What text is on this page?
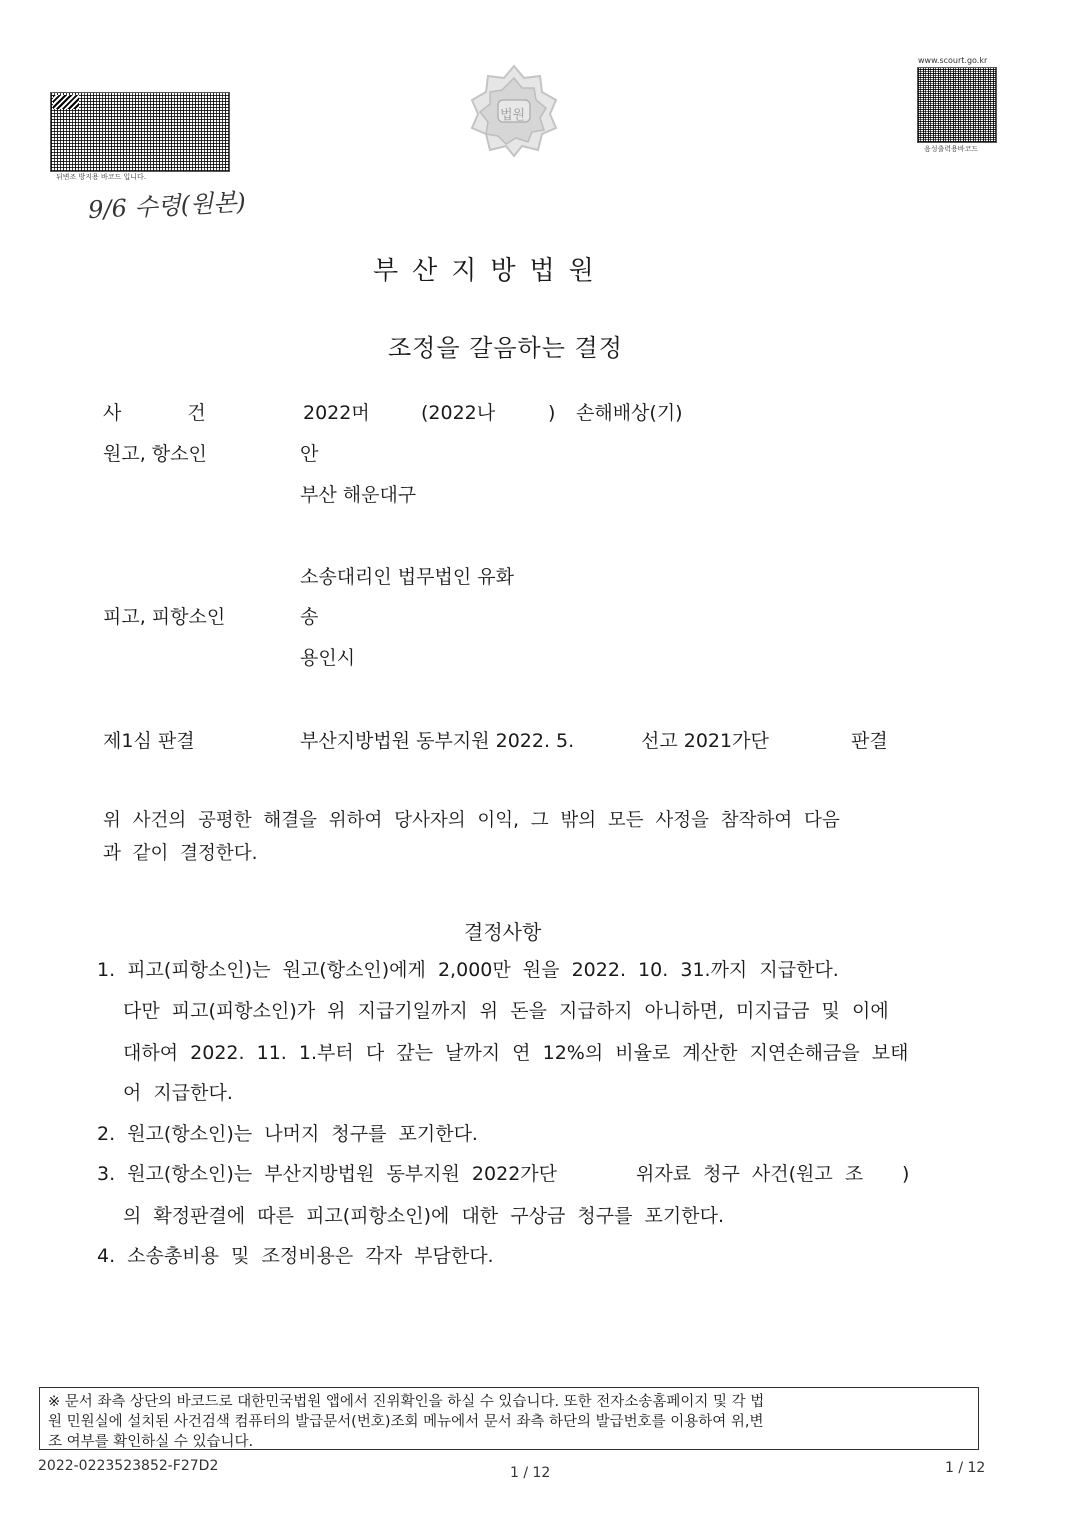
뒤변조 방지용 바코드 입니다.
9/6 수령(원본)
법원
www.scourt.go.kr
음성출력용바코드
부산지방법원
조정을 갈음하는 결정
사 건	2022머	(2022나	) 손해배상(기)
원고, 항소인	안
부산 해운대구
소송대리인 법무법인 유화
피고, 피항소인	송
용인시
제1심 판결	부산지방법원 동부지원 2022. 5.	선고 2021가단	판결
위  사건의  공평한  해결을  위하여  당사자의  이익,  그  밖의  모든  사정을  참작하여  다음
과  같이  결정한다.
결정사항
1.  피고(피항소인)는  원고(항소인)에게  2,000만  원을  2022.  10.  31.까지  지급한다.
다만  피고(피항소인)가  위  지급기일까지  위  돈을  지급하지  아니하면,  미지급금  및  이에
대하여  2022.  11.  1.부터  다  갚는  날까지  연  12%의  비율로  계산한  지연손해금을  보태
어  지급한다.
2.  원고(항소인)는  나머지  청구를  포기한다.
3.  원고(항소인)는  부산지방법원  동부지원  2022가단	위자료  청구  사건(원고  조 )
의  확정판결에  따른  피고(피항소인)에  대한  구상금  청구를  포기한다.
4.  소송총비용  및  조정비용은  각자  부담한다.
※ 문서 좌측 상단의 바코드로 대한민국법원 앱에서 진위확인을 하실 수 있습니다. 또한 전자소송홈페이지 및 각 법
원 민원실에 설치된 사건검색 컴퓨터의 발급문서(번호)조회 메뉴에서 문서 좌측 하단의 발급번호를 이용하여 위,변
조 여부를 확인하실 수 있습니다.
2022-0223523852-F27D2	1 / 12	1 / 12
